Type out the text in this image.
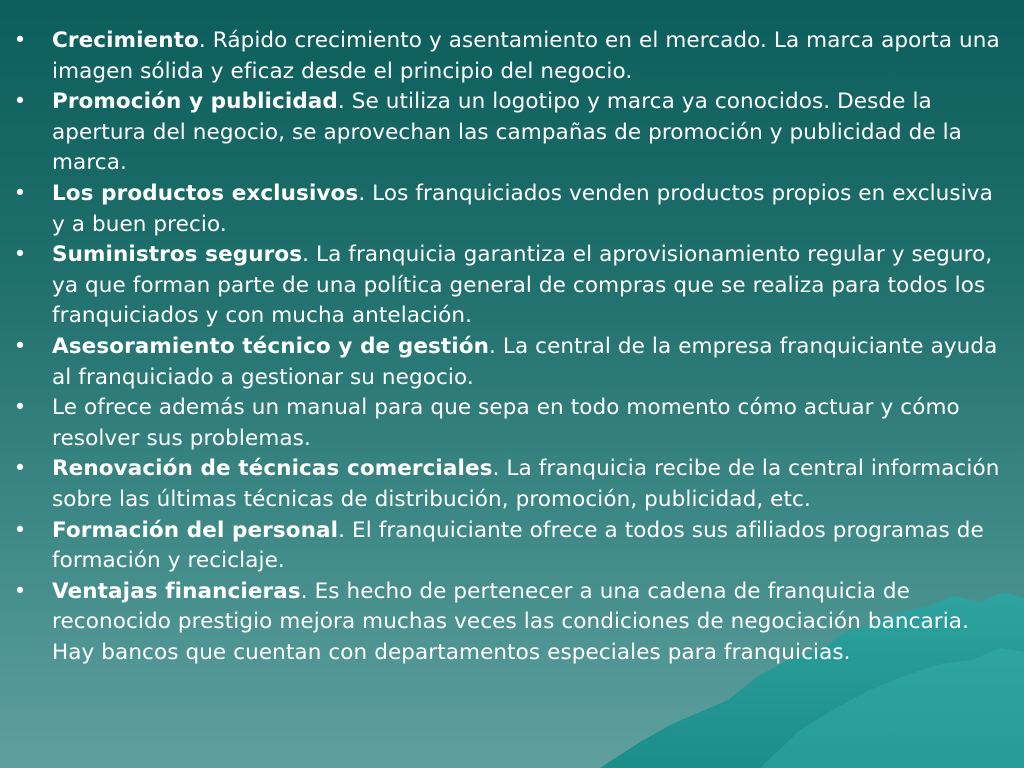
• Crecimiento. Rápido crecimiento y asentamiento en el mercado. La marca aporta una imagen sólida y eficaz desde el principio del negocio.
• Promoción y publicidad. Se utiliza un logotipo y marca ya conocidos. Desde la apertura del negocio, se aprovechan las campañas de promoción y publicidad de la marca.
• Los productos exclusivos. Los franquiciados venden productos propios en exclusiva y a buen precio.
• Suministros seguros. La franquicia garantiza el aprovisionamiento regular y seguro, ya que forman parte de una política general de compras que se realiza para todos los franquiciados y con mucha antelación.
• Asesoramiento técnico y de gestión. La central de la empresa franquiciante ayuda al franquiciado a gestionar su negocio.
• Le ofrece además un manual para que sepa en todo momento cómo actuar y cómo resolver sus problemas.
• Renovación de técnicas comerciales. La franquicia recibe de la central información sobre las últimas técnicas de distribución, promoción, publicidad, etc.
• Formación del personal. El franquiciante ofrece a todos sus afiliados programas de formación y reciclaje.
• Ventajas financieras. Es hecho de pertenecer a una cadena de franquicia de reconocido prestigio mejora muchas veces las condiciones de negociación bancaria. Hay bancos que cuentan con departamentos especiales para franquicias.
